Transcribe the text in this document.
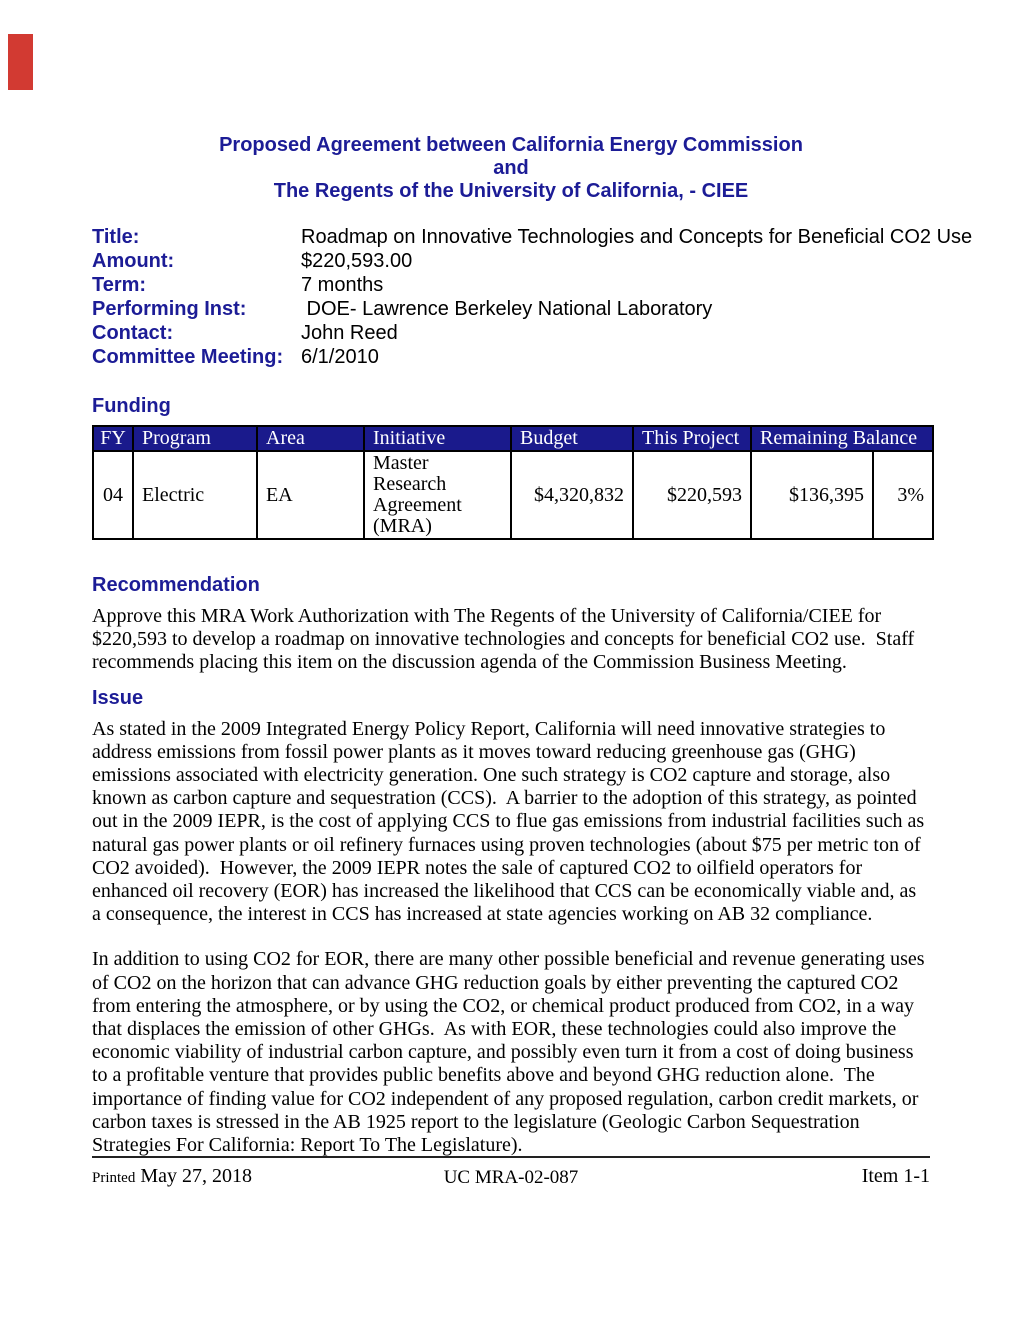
Proposed Agreement between California Energy Commission
and
The Regents of the University of California, - CIEE
Title:	Roadmap on Innovative Technologies and Concepts for Beneficial CO2 Use
Amount:	$220,593.00
Term:	7 months
Performing Inst:	DOE- Lawrence Berkeley National Laboratory
Contact:	John Reed
Committee Meeting: 6/1/2010
Funding
FY	Program	Area	Initiative	Budget	This Project	Remaining Balance	
04	Electric	EA	Master Research Agreement (MRA)	$4,320,832	$220,593	$136,395	3%
Recommendation

Approve this MRA Work Authorization with The Regents of the University of California/CIEE for $220,593 to develop a roadmap on innovative technologies and concepts for beneficial CO2 use.  Staff recommends placing this item on the discussion agenda of the Commission Business Meeting.

Issue

As stated in the 2009 Integrated Energy Policy Report, California will need innovative strategies to address emissions from fossil power plants as it moves toward reducing greenhouse gas (GHG) emissions associated with electricity generation. One such strategy is CO2 capture and storage, also known as carbon capture and sequestration (CCS).  A barrier to the adoption of this strategy, as pointed out in the 2009 IEPR, is the cost of applying CCS to flue gas emissions from industrial facilities such as natural gas power plants or oil refinery furnaces using proven technologies (about $75 per metric ton of CO2 avoided).  However, the 2009 IEPR notes the sale of captured CO2 to oilfield operators for enhanced oil recovery (EOR) has increased the likelihood that CCS can be economically viable and, as a consequence, the interest in CCS has increased at state agencies working on AB 32 compliance.

In addition to using CO2 for EOR, there are many other possible beneficial and revenue generating uses of CO2 on the horizon that can advance GHG reduction goals by either preventing the captured CO2 from entering the atmosphere, or by using the CO2, or chemical product produced from CO2, in a way that displaces the emission of other GHGs.  As with EOR, these technologies could also improve the economic viability of industrial carbon capture, and possibly even turn it from a cost of doing business to a profitable venture that provides public benefits above and beyond GHG reduction alone.  The importance of finding value for CO2 independent of any proposed regulation, carbon credit markets, or carbon taxes is stressed in the AB 1925 report to the legislature (Geologic Carbon Sequestration Strategies For California: Report To The Legislature).

Printed May 27, 2018	UC MRA-02-087	Item 1-1
